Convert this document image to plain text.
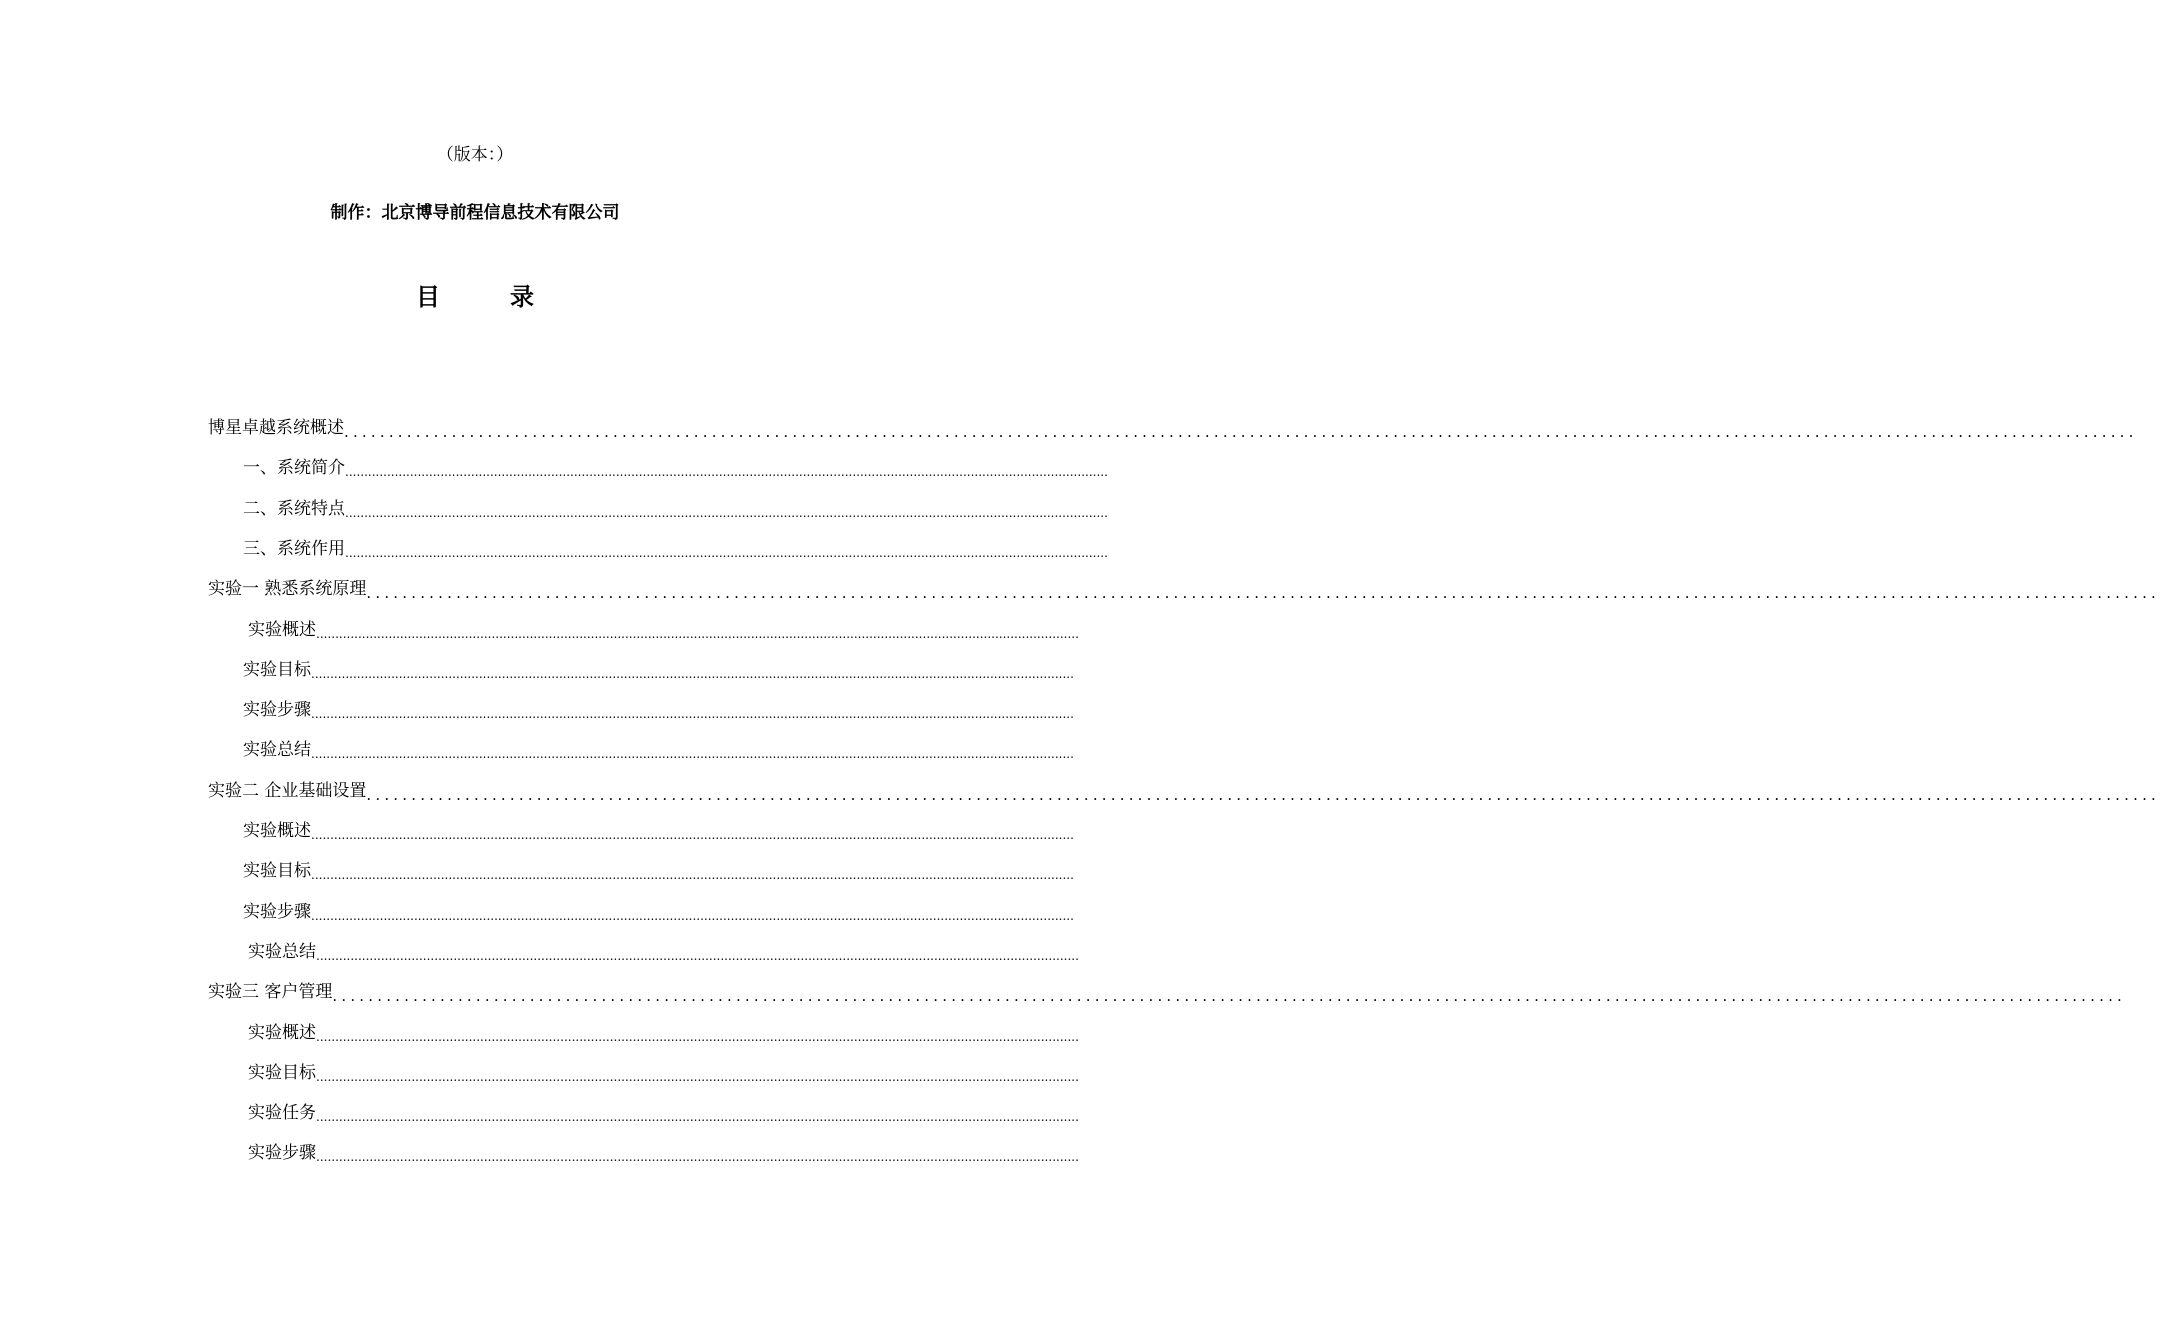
（版本：）
制作：北京博导前程信息技术有限公司
目	录
博星卓越系统概述 ........................................................................................................................................................................................................
一、系统简介 ........................................................................................................................................................................................................
二、系统特点 ........................................................................................................................................................................................................
三、系统作用 ........................................................................................................................................................................................................
实验一 熟悉系统原理 ........................................................................................................................................................................................................
实验概述 ........................................................................................................................................................................................................
实验目标 ........................................................................................................................................................................................................
实验步骤 ........................................................................................................................................................................................................
实验总结 ........................................................................................................................................................................................................
实验二 企业基础设置 ........................................................................................................................................................................................................
实验概述 ........................................................................................................................................................................................................
实验目标 ........................................................................................................................................................................................................
实验步骤 ........................................................................................................................................................................................................
实验总结 ........................................................................................................................................................................................................
实验三 客户管理 ........................................................................................................................................................................................................
实验概述 ........................................................................................................................................................................................................
实验目标 ........................................................................................................................................................................................................
实验任务 ........................................................................................................................................................................................................
实验步骤 ........................................................................................................................................................................................................
